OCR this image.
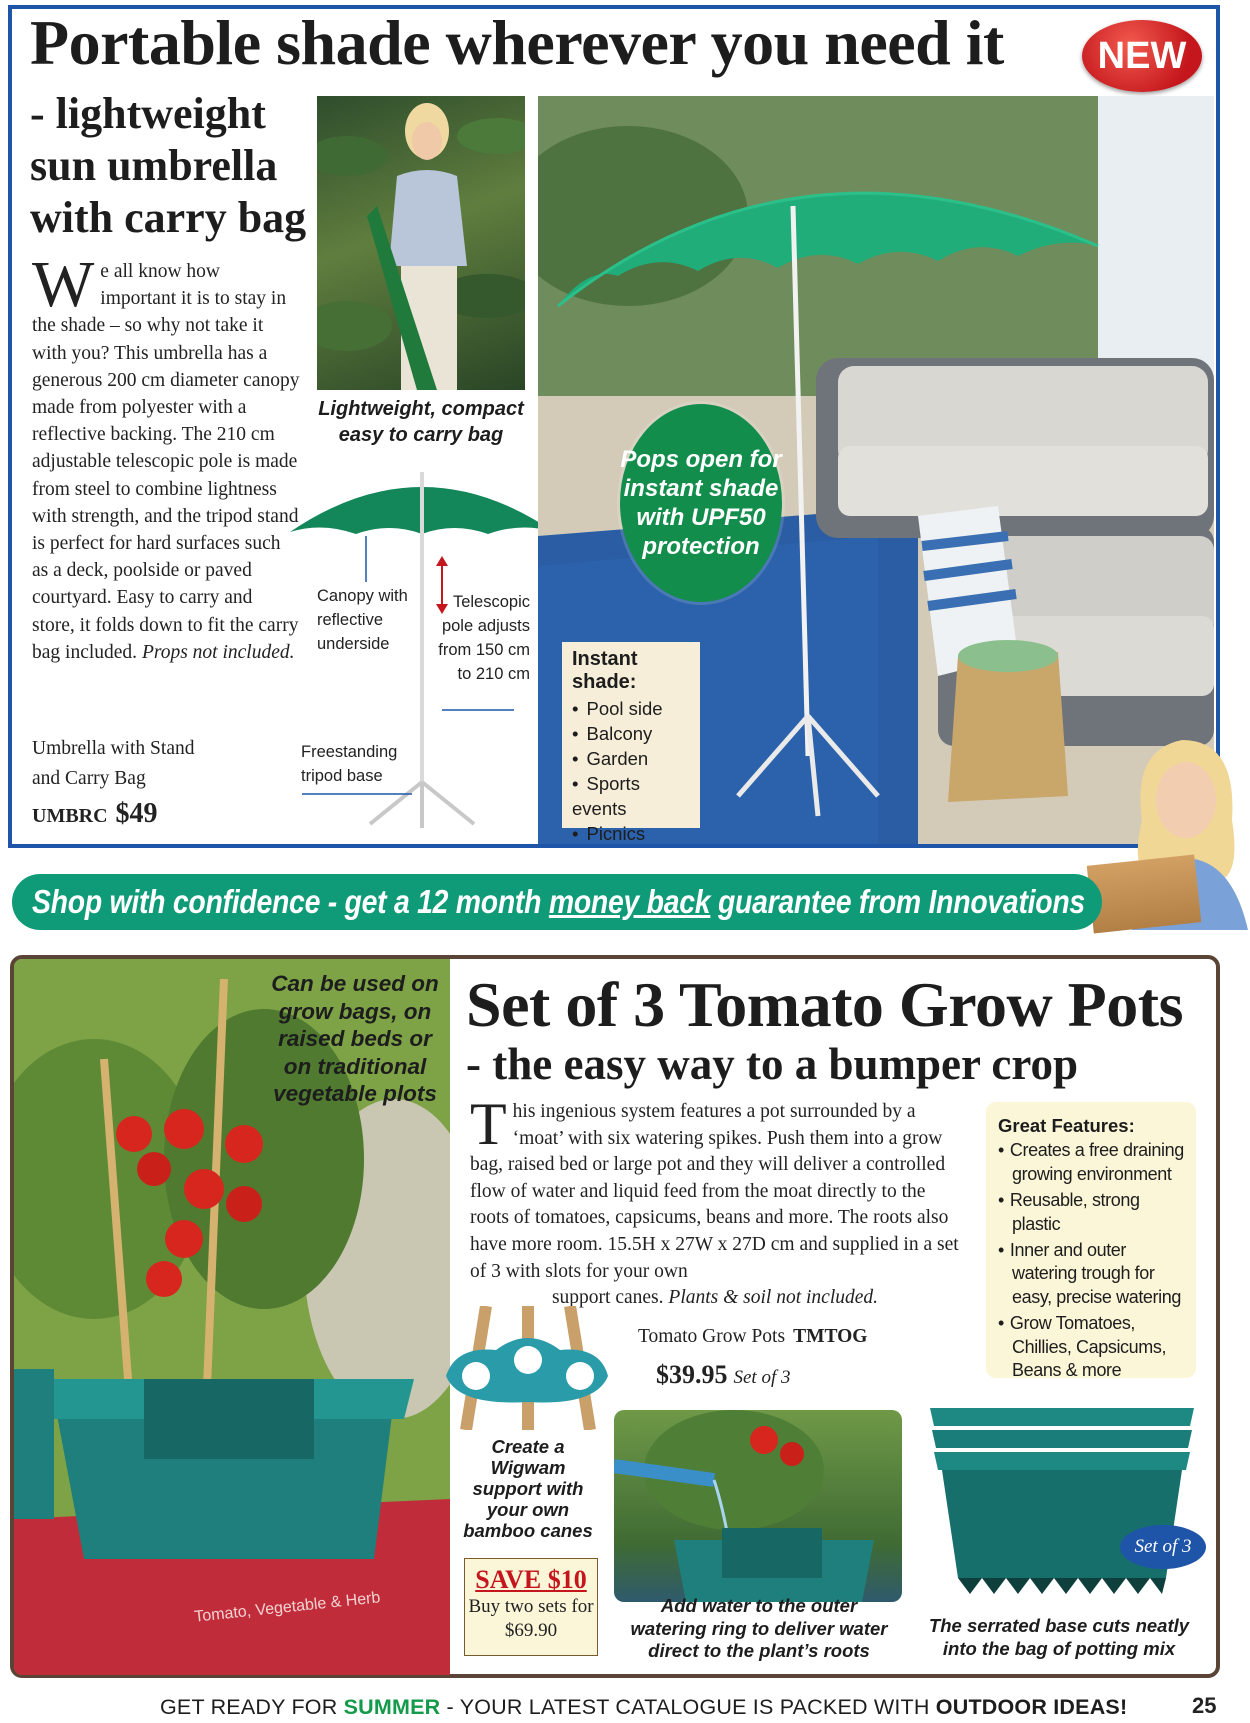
Portable shade wherever you need it	NEW
- lightweight sun umbrella with carry bag
We all know how important it is to stay in the shade – so why not take it with you? This umbrella has a generous 200 cm diameter canopy made from polyester with a reflective backing. The 210 cm adjustable telescopic pole is made from steel to combine lightness with strength, and the tripod stand is perfect for hard surfaces such as a deck, poolside or paved courtyard. Easy to carry and store, it folds down to fit the carry bag included. Props not included.
Umbrella with Stand
and Carry Bag
UMBRC $49
Lightweight, compact easy to carry bag
Canopy with reflective underside
Telescopic pole adjusts from 150 cm to 210 cm
Freestanding tripod base
Pops open for instant shade with UPF50 protection
Instant shade:
• Pool side
• Balcony
• Garden
• Sports events
• Picnics
Shop with confidence - get a 12 month money back guarantee from Innovations
Tomato, Vegetable & Herb
Can be used on grow bags, on raised beds or on traditional vegetable plots
Set of 3 Tomato Grow Pots
- the easy way to a bumper crop
This ingenious system features a pot surrounded by a ‘moat’ with six watering spikes. Push them into a grow bag, raised bed or large pot and they will deliver a controlled flow of water and liquid feed from the moat directly to the roots of tomatoes, capsicums, beans and more. The roots also have more room. 15.5H x 27W x 27D cm and supplied in a set of 3 with slots for your own
support canes. Plants & soil not included.
Tomato Grow Pots TMTOG
$39.95 Set of 3
Great Features:
• Creates a free draining growing environment
• Reusable, strong plastic
• Inner and outer watering trough for easy, precise watering
• Grow Tomatoes, Chillies, Capsicums, Beans & more
Create a Wigwam support with your own bamboo canes
SAVE $10
Buy two sets for $69.90
Add water to the outer watering ring to deliver water direct to the plant’s roots
Set of 3
The serrated base cuts neatly into the bag of potting mix
GET READY FOR SUMMER - YOUR LATEST CATALOGUE IS PACKED WITH OUTDOOR IDEAS!	25
